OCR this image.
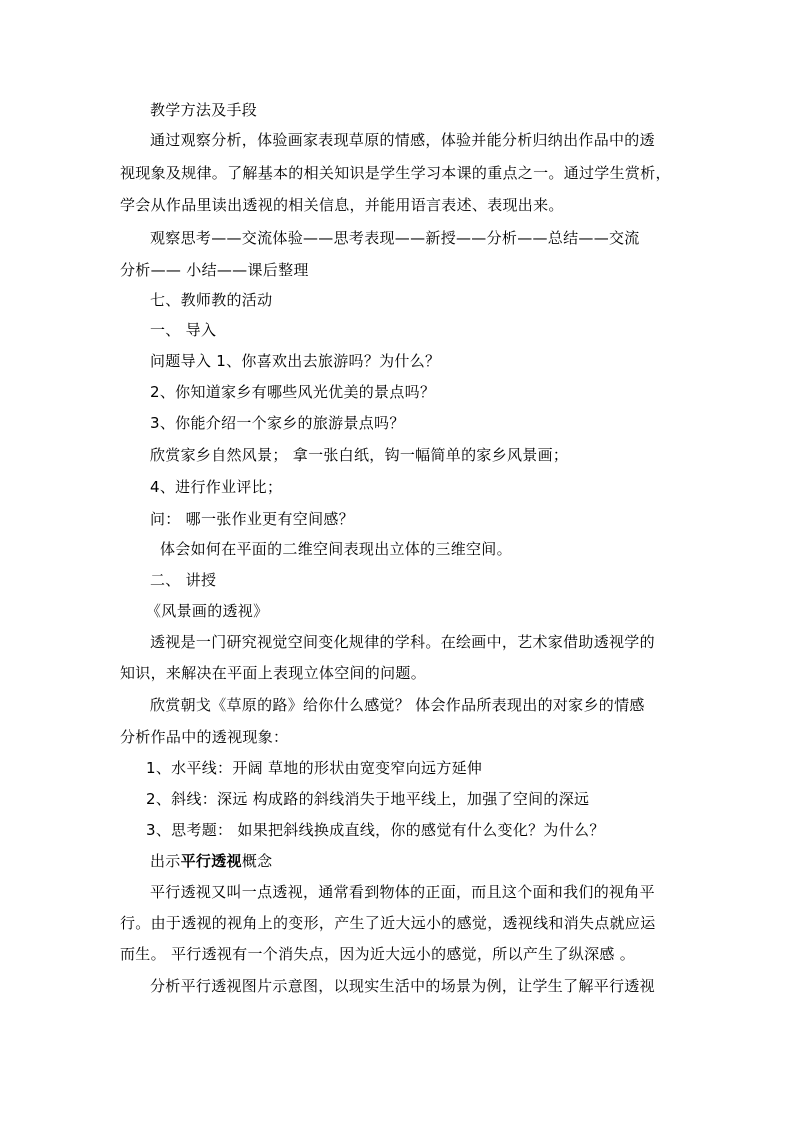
教学方法及手段
通过观察分析，体验画家表现草原的情感，体验并能分析归纳出作品中的透
视现象及规律。了解基本的相关知识是学生学习本课的重点之一。通过学生赏析，
学会从作品里读出透视的相关信息，并能用语言表述、表现出来。
观察思考——交流体验——思考表现——新授——分析——总结——交流
分析—— 小结——课后整理
七、教师教的活动
一、 导入
问题导入 1、你喜欢出去旅游吗？为什么？
2、你知道家乡有哪些风光优美的景点吗？
3、你能介绍一个家乡的旅游景点吗？
欣赏家乡自然风景； 拿一张白纸，钩一幅简单的家乡风景画；
4、进行作业评比；
问： 哪一张作业更有空间感？
体会如何在平面的二维空间表现出立体的三维空间。
二、 讲授
《风景画的透视》
透视是一门研究视觉空间变化规律的学科。在绘画中，艺术家借助透视学的
知识，来解决在平面上表现立体空间的问题。
欣赏朝戈《草原的路》给你什么感觉？ 体会作品所表现出的对家乡的情感
分析作品中的透视现象：
1、水平线：开阔 草地的形状由宽变窄向远方延伸
2、斜线：深远 构成路的斜线消失于地平线上，加强了空间的深远
3、思考题： 如果把斜线换成直线，你的感觉有什么变化？为什么？
出示平行透视概念
平行透视又叫一点透视，通常看到物体的正面，而且这个面和我们的视角平
行。由于透视的视角上的变形，产生了近大远小的感觉，透视线和消失点就应运
而生。 平行透视有一个消失点，因为近大远小的感觉，所以产生了纵深感 。
分析平行透视图片示意图，以现实生活中的场景为例，让学生了解平行透视
